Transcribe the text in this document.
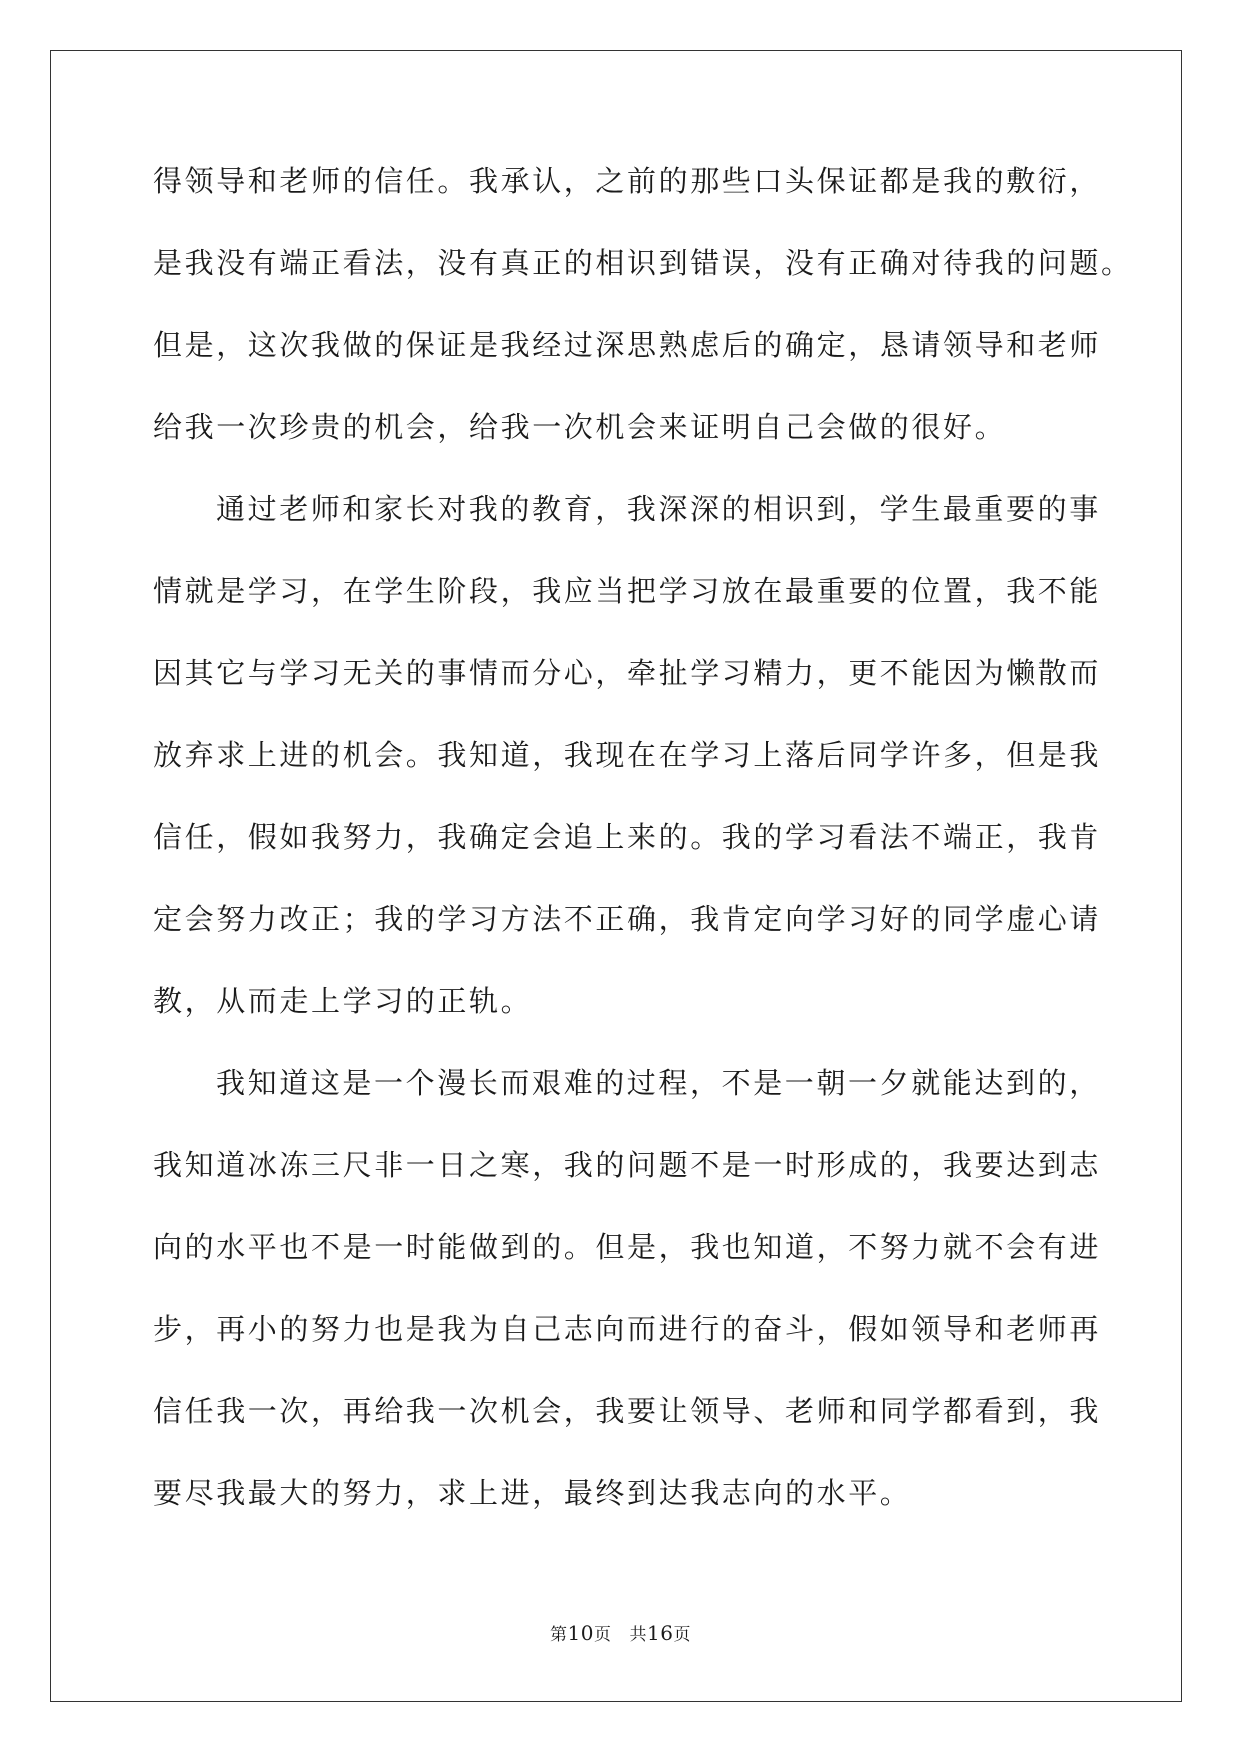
得领导和老师的信任。我承认，之前的那些口头保证都是我的敷衍，
是我没有端正看法，没有真正的相识到错误，没有正确对待我的问题。
但是，这次我做的保证是我经过深思熟虑后的确定，恳请领导和老师
给我一次珍贵的机会，给我一次机会来证明自己会做的很好。
通过老师和家长对我的教育，我深深的相识到，学生最重要的事
情就是学习，在学生阶段，我应当把学习放在最重要的位置，我不能
因其它与学习无关的事情而分心，牵扯学习精力，更不能因为懒散而
放弃求上进的机会。我知道，我现在在学习上落后同学许多，但是我
信任，假如我努力，我确定会追上来的。我的学习看法不端正，我肯
定会努力改正；我的学习方法不正确，我肯定向学习好的同学虚心请
教，从而走上学习的正轨。
我知道这是一个漫长而艰难的过程，不是一朝一夕就能达到的，
我知道冰冻三尺非一日之寒，我的问题不是一时形成的，我要达到志
向的水平也不是一时能做到的。但是，我也知道，不努力就不会有进
步，再小的努力也是我为自己志向而进行的奋斗，假如领导和老师再
信任我一次，再给我一次机会，我要让领导、老师和同学都看到，我
要尽我最大的努力，求上进，最终到达我志向的水平。
第10页 共16页
